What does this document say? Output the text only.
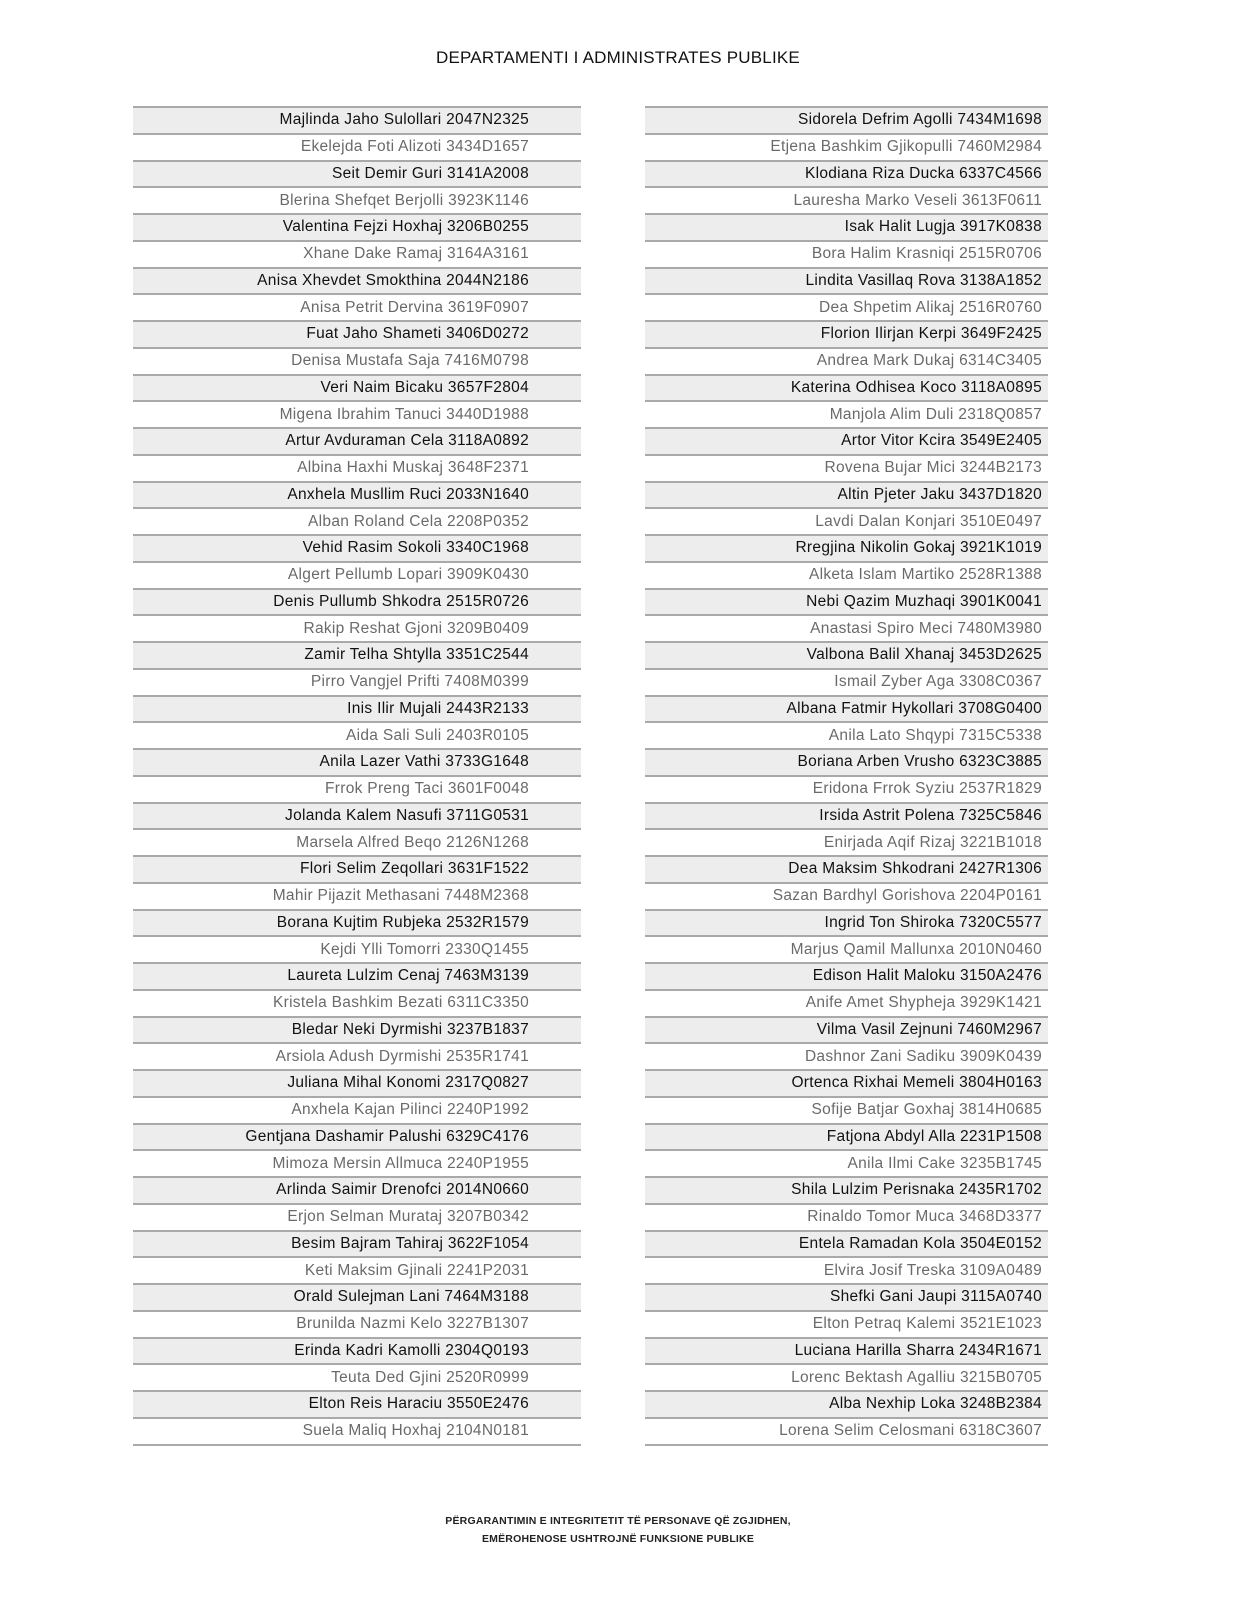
DEPARTAMENTI I ADMINISTRATES PUBLIKE
Majlinda Jaho Sulollari 2047N2325
Ekelejda Foti Alizoti 3434D1657
Seit Demir Guri 3141A2008
Blerina Shefqet Berjolli 3923K1146
Valentina Fejzi Hoxhaj 3206B0255
Xhane Dake Ramaj 3164A3161
Anisa Xhevdet Smokthina 2044N2186
Anisa Petrit Dervina 3619F0907
Fuat Jaho Shameti 3406D0272
Denisa Mustafa Saja 7416M0798
Veri Naim Bicaku 3657F2804
Migena Ibrahim Tanuci 3440D1988
Artur Avduraman Cela 3118A0892
Albina Haxhi Muskaj 3648F2371
Anxhela Musllim Ruci 2033N1640
Alban Roland Cela 2208P0352
Vehid Rasim Sokoli 3340C1968
Algert Pellumb Lopari 3909K0430
Denis Pullumb Shkodra 2515R0726
Rakip Reshat Gjoni 3209B0409
Zamir Telha Shtylla 3351C2544
Pirro Vangjel Prifti 7408M0399
Inis Ilir Mujali 2443R2133
Aida Sali Suli 2403R0105
Anila Lazer Vathi 3733G1648
Frrok Preng Taci 3601F0048
Jolanda Kalem Nasufi 3711G0531
Marsela Alfred Beqo 2126N1268
Flori Selim Zeqollari 3631F1522
Mahir Pijazit Methasani 7448M2368
Borana Kujtim Rubjeka 2532R1579
Kejdi Ylli Tomorri 2330Q1455
Laureta Lulzim Cenaj 7463M3139
Kristela Bashkim Bezati 6311C3350
Bledar Neki Dyrmishi 3237B1837
Arsiola Adush Dyrmishi 2535R1741
Juliana Mihal Konomi 2317Q0827
Anxhela Kajan Pilinci 2240P1992
Gentjana Dashamir Palushi 6329C4176
Mimoza Mersin Allmuca 2240P1955
Arlinda Saimir Drenofci 2014N0660
Erjon Selman Murataj 3207B0342
Besim Bajram Tahiraj 3622F1054
Keti Maksim Gjinali 2241P2031
Orald Sulejman Lani 7464M3188
Brunilda Nazmi Kelo 3227B1307
Erinda Kadri Kamolli 2304Q0193
Teuta Ded Gjini 2520R0999
Elton Reis Haraciu 3550E2476
Suela Maliq Hoxhaj 2104N0181
Sidorela Defrim Agolli 7434M1698
Etjena Bashkim Gjikopulli 7460M2984
Klodiana Riza Ducka 6337C4566
Lauresha Marko Veseli 3613F0611
Isak Halit Lugja 3917K0838
Bora Halim Krasniqi 2515R0706
Lindita Vasillaq Rova 3138A1852
Dea Shpetim Alikaj 2516R0760
Florion Ilirjan Kerpi 3649F2425
Andrea Mark Dukaj 6314C3405
Katerina Odhisea Koco 3118A0895
Manjola Alim Duli 2318Q0857
Artor Vitor Kcira 3549E2405
Rovena Bujar Mici 3244B2173
Altin Pjeter Jaku 3437D1820
Lavdi Dalan Konjari 3510E0497
Rregjina Nikolin Gokaj 3921K1019
Alketa Islam Martiko 2528R1388
Nebi Qazim Muzhaqi 3901K0041
Anastasi Spiro Meci 7480M3980
Valbona Balil Xhanaj 3453D2625
Ismail Zyber Aga 3308C0367
Albana Fatmir Hykollari 3708G0400
Anila Lato Shqypi 7315C5338
Boriana Arben Vrusho 6323C3885
Eridona Frrok Syziu 2537R1829
Irsida Astrit Polena 7325C5846
Enirjada Aqif Rizaj 3221B1018
Dea Maksim Shkodrani 2427R1306
Sazan Bardhyl Gorishova 2204P0161
Ingrid Ton Shiroka 7320C5577
Marjus Qamil Mallunxa 2010N0460
Edison Halit Maloku 3150A2476
Anife Amet Shypheja 3929K1421
Vilma Vasil Zejnuni 7460M2967
Dashnor Zani Sadiku 3909K0439
Ortenca Rixhai Memeli 3804H0163
Sofije Batjar Goxhaj 3814H0685
Fatjona Abdyl Alla 2231P1508
Anila Ilmi Cake 3235B1745
Shila Lulzim Perisnaka 2435R1702
Rinaldo Tomor Muca 3468D3377
Entela Ramadan Kola 3504E0152
Elvira Josif Treska 3109A0489
Shefki Gani Jaupi 3115A0740
Elton Petraq Kalemi 3521E1023
Luciana Harilla Sharra 2434R1671
Lorenc Bektash Agalliu 3215B0705
Alba Nexhip Loka 3248B2384
Lorena Selim Celosmani 6318C3607
PËRGARANTIMIN E INTEGRITETIT TË PERSONAVE QË ZGJIDHEN,
EMËROHENOSE USHTROJNË FUNKSIONE PUBLIKE
